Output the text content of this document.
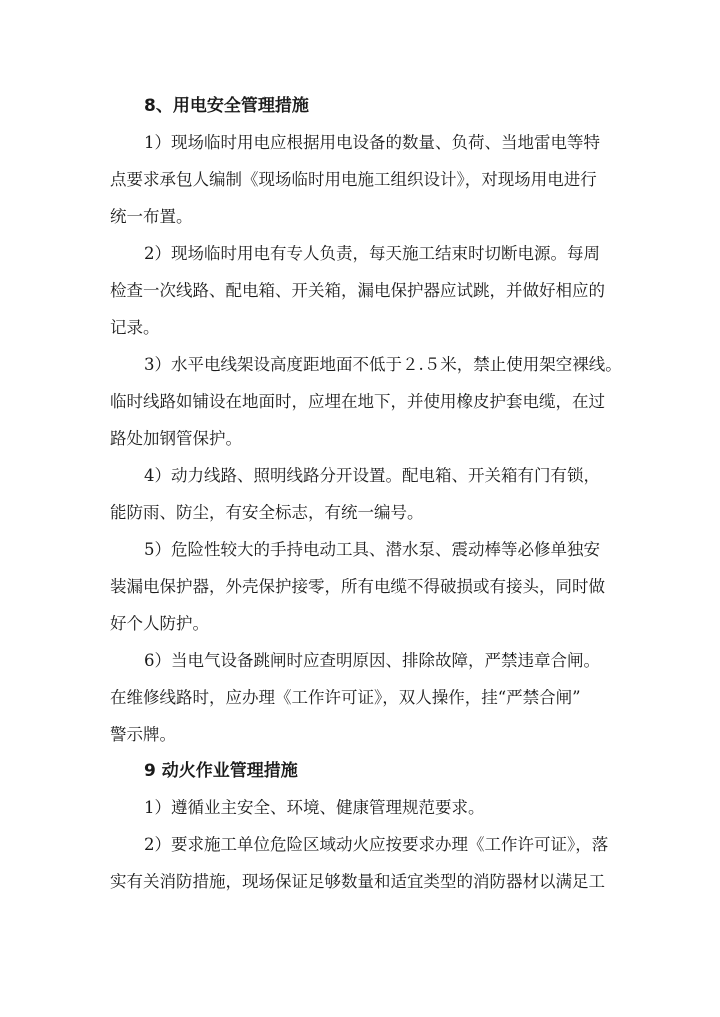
8、用电安全管理措施

1）现场临时用电应根据用电设备的数量、负荷、当地雷电等特
点要求承包人编制《现场临时用电施工组织设计》，对现场用电进行
统一布置。

2）现场临时用电有专人负责，每天施工结束时切断电源。每周
检查一次线路、配电箱、开关箱，漏电保护器应试跳，并做好相应的
记录。

3）水平电线架设高度距地面不低于２.５米，禁止使用架空裸线。
临时线路如铺设在地面时，应埋在地下，并使用橡皮护套电缆，在过
路处加钢管保护。

4）动力线路、照明线路分开设置。配电箱、开关箱有门有锁，
能防雨、防尘，有安全标志，有统一编号。

5）危险性较大的手持电动工具、潜水泵、震动棒等必修单独安
装漏电保护器，外壳保护接零，所有电缆不得破损或有接头，同时做
好个人防护。

6）当电气设备跳闸时应查明原因、排除故障，严禁违章合闸。
在维修线路时，应办理《工作许可证》，双人操作，挂“严禁合闸”
警示牌。

9 动火作业管理措施

1）遵循业主安全、环境、健康管理规范要求。

2）要求施工单位危险区域动火应按要求办理《工作许可证》，落
实有关消防措施，现场保证足够数量和适宜类型的消防器材以满足工
